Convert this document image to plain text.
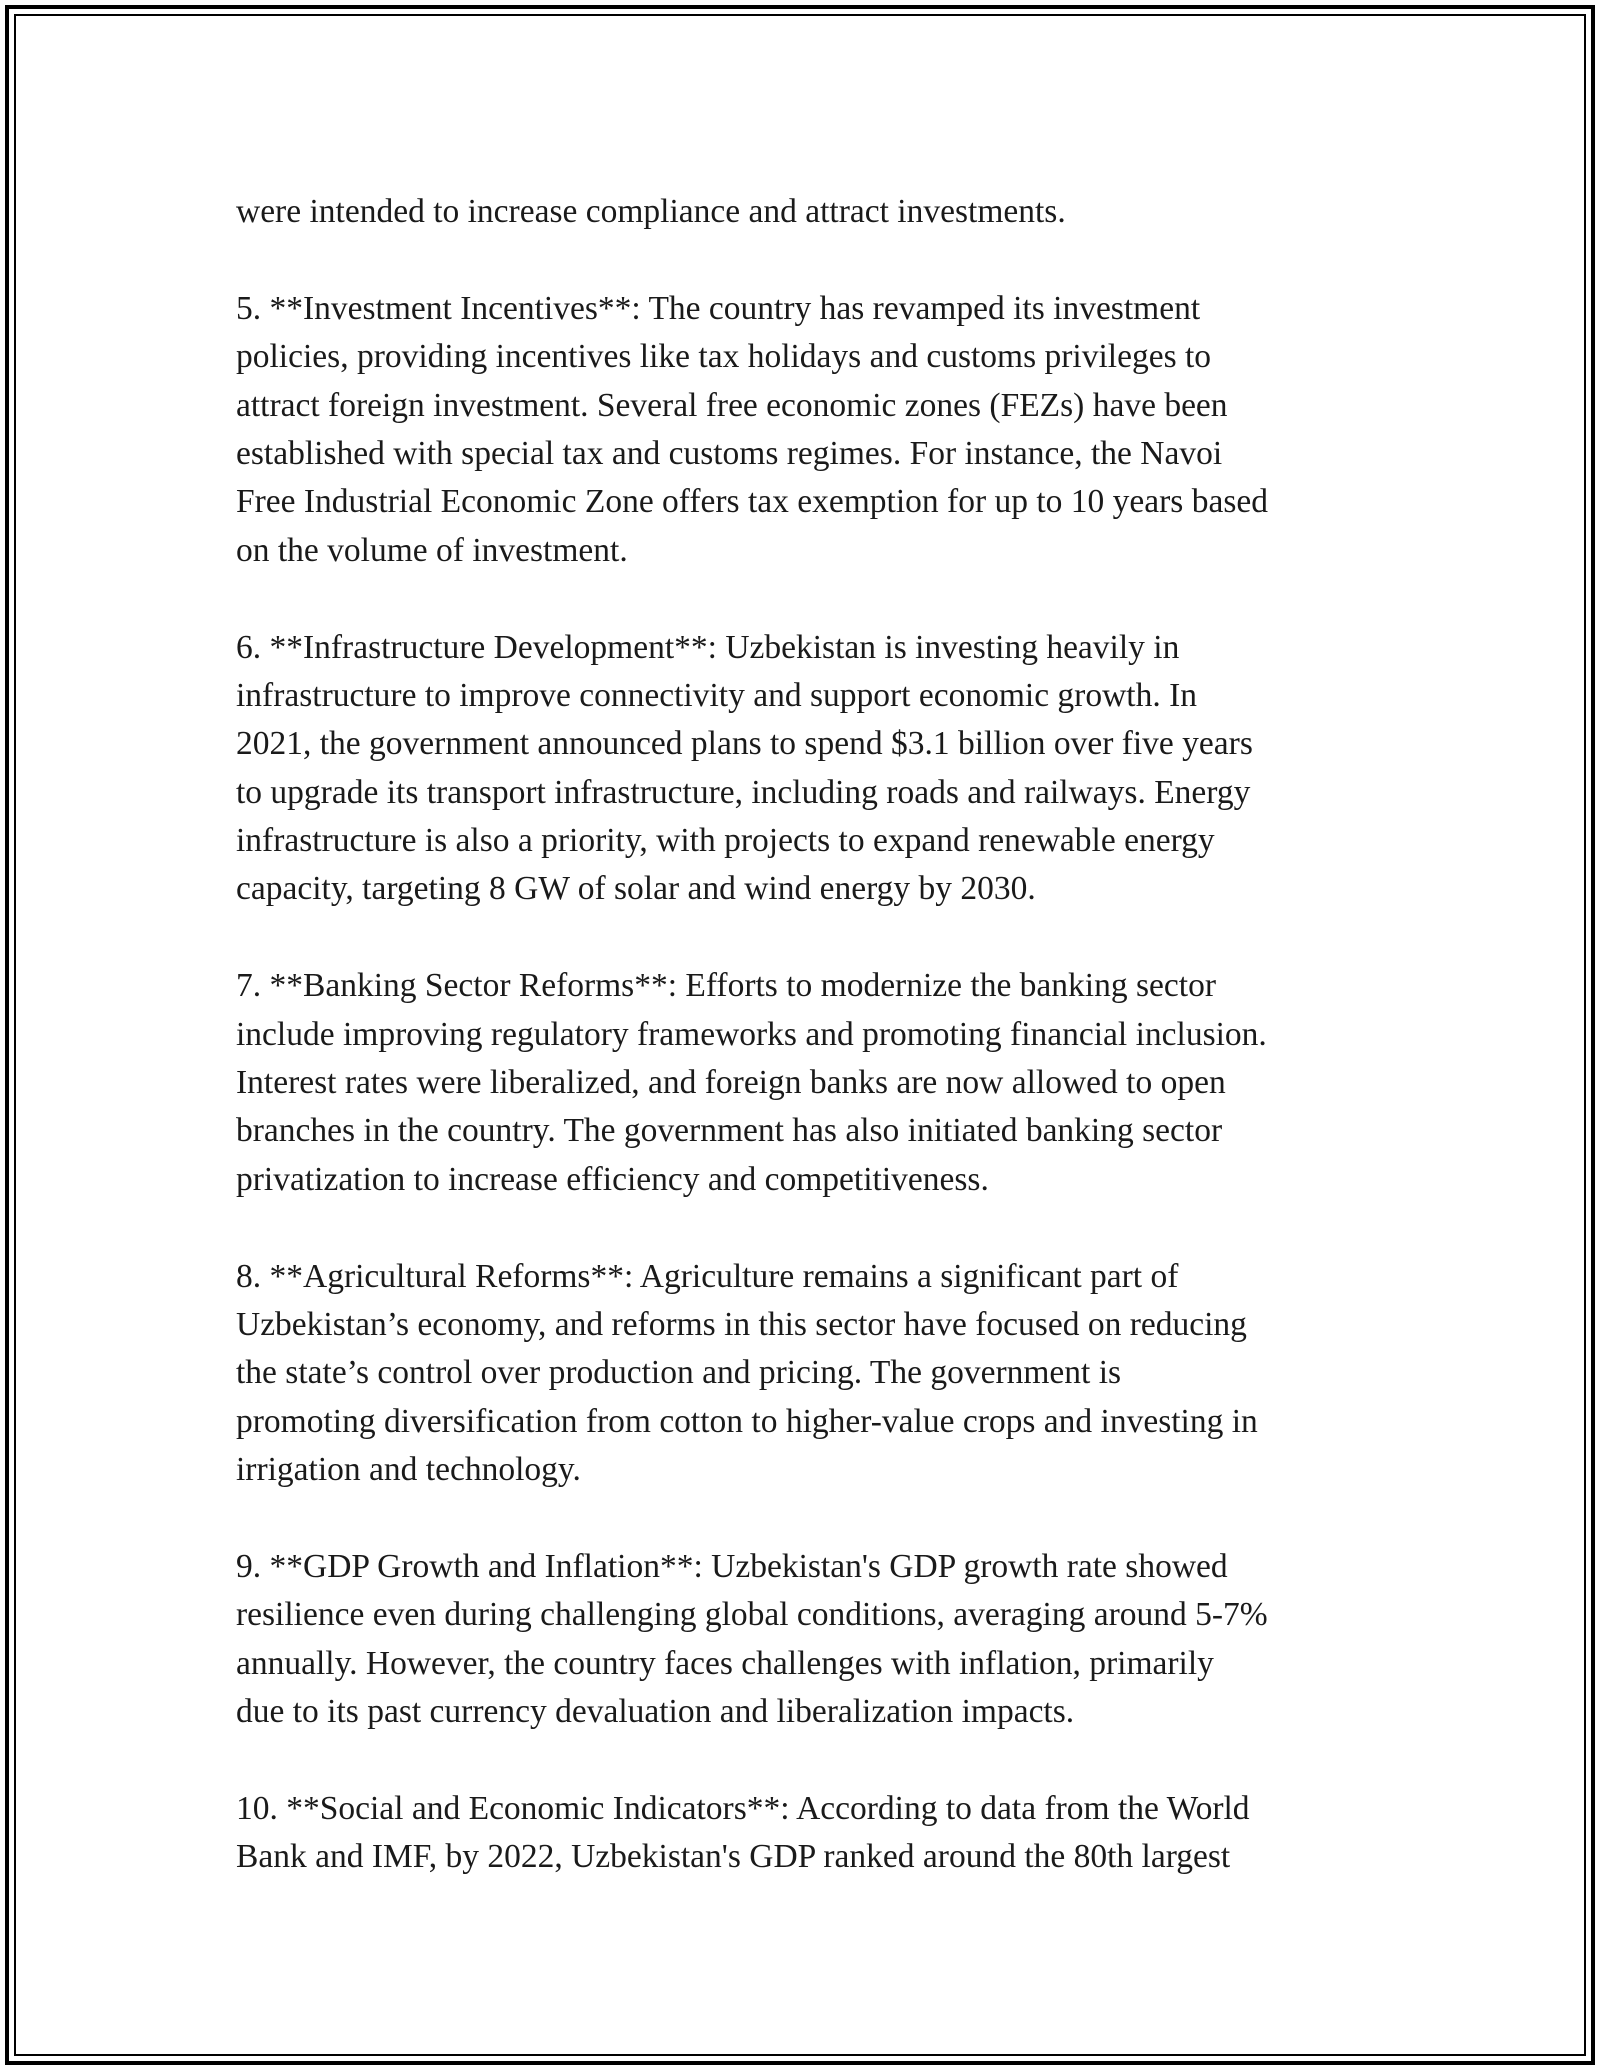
were intended to increase compliance and attract investments.
5. **Investment Incentives**: The country has revamped its investment
policies, providing incentives like tax holidays and customs privileges to
attract foreign investment. Several free economic zones (FEZs) have been
established with special tax and customs regimes. For instance, the Navoi
Free Industrial Economic Zone offers tax exemption for up to 10 years based
on the volume of investment.
6. **Infrastructure Development**: Uzbekistan is investing heavily in
infrastructure to improve connectivity and support economic growth. In
2021, the government announced plans to spend $3.1 billion over five years
to upgrade its transport infrastructure, including roads and railways. Energy
infrastructure is also a priority, with projects to expand renewable energy
capacity, targeting 8 GW of solar and wind energy by 2030.
7. **Banking Sector Reforms**: Efforts to modernize the banking sector
include improving regulatory frameworks and promoting financial inclusion.
Interest rates were liberalized, and foreign banks are now allowed to open
branches in the country. The government has also initiated banking sector
privatization to increase efficiency and competitiveness.
8. **Agricultural Reforms**: Agriculture remains a significant part of
Uzbekistan’s economy, and reforms in this sector have focused on reducing
the state’s control over production and pricing. The government is
promoting diversification from cotton to higher-value crops and investing in
irrigation and technology.
9. **GDP Growth and Inflation**: Uzbekistan's GDP growth rate showed
resilience even during challenging global conditions, averaging around 5-7%
annually. However, the country faces challenges with inflation, primarily
due to its past currency devaluation and liberalization impacts.
10. **Social and Economic Indicators**: According to data from the World
Bank and IMF, by 2022, Uzbekistan's GDP ranked around the 80th largest
